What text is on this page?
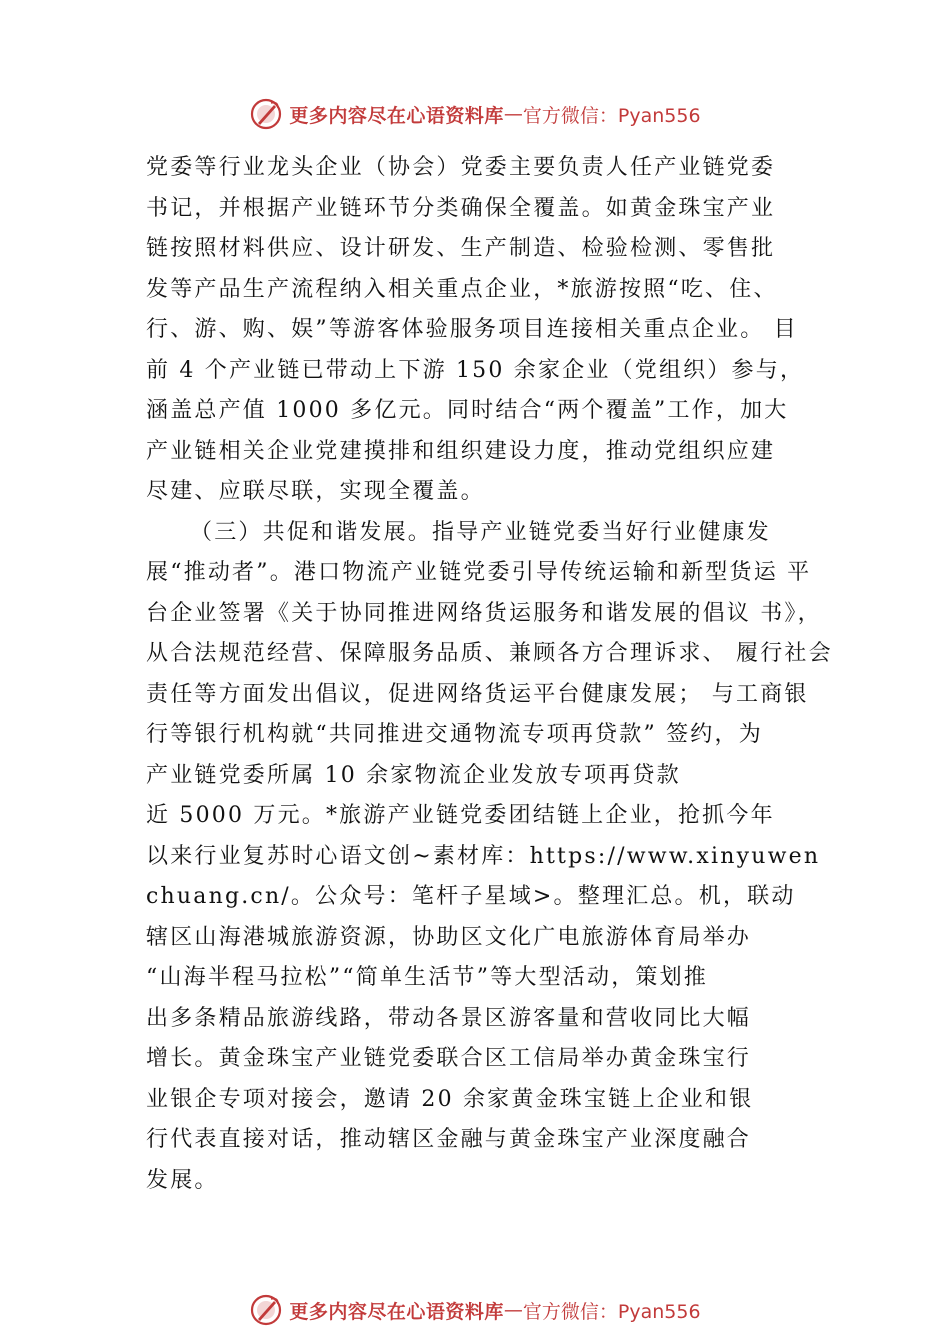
更多内容尽在心语资料库 — 官方微信：Pyan556
党委等行业龙头企业（协会）党委主要负责人任产业链党委
书记，并根据产业链环节分类确保全覆盖。如黄金珠宝产业
链按照材料供应、设计研发、生产制造、检验检测、零售批
发等产品生产流程纳入相关重点企业，*旅游按照“吃、住、
行、游、购、娱”等游客体验服务项目连接相关重点企业。 目
前 4 个产业链已带动上下游 150 余家企业（党组织）参与，
涵盖总产值 1000 多亿元。同时结合“两个覆盖”工作，加大
产业链相关企业党建摸排和组织建设力度，推动党组织应建
尽建、应联尽联，实现全覆盖。
（三）共促和谐发展。指导产业链党委当好行业健康发
展“推动者”。港口物流产业链党委引导传统运输和新型货运 平
台企业签署《关于协同推进网络货运服务和谐发展的倡议 书》，
从合法规范经营、保障服务品质、兼顾各方合理诉求、 履行社会
责任等方面发出倡议，促进网络货运平台健康发展； 与工商银
行等银行机构就“共同推进交通物流专项再贷款” 签约，为
产业链党委所属 10 余家物流企业发放专项再贷款
近 5000 万元。*旅游产业链党委团结链上企业，抢抓今年
以来行业复苏时心语文创~素材库：https://www.xinyuwen
chuang.cn/。公众号：笔杆子星域>。整理汇总。机，联动
辖区山海港城旅游资源，协助区文化广电旅游体育局举办
“山海半程马拉松”“简单生活节”等大型活动，策划推
出多条精品旅游线路，带动各景区游客量和营收同比大幅
增长。黄金珠宝产业链党委联合区工信局举办黄金珠宝行
业银企专项对接会，邀请 20 余家黄金珠宝链上企业和银
行代表直接对话，推动辖区金融与黄金珠宝产业深度融合
发展。
更多内容尽在心语资料库 — 官方微信：Pyan556
